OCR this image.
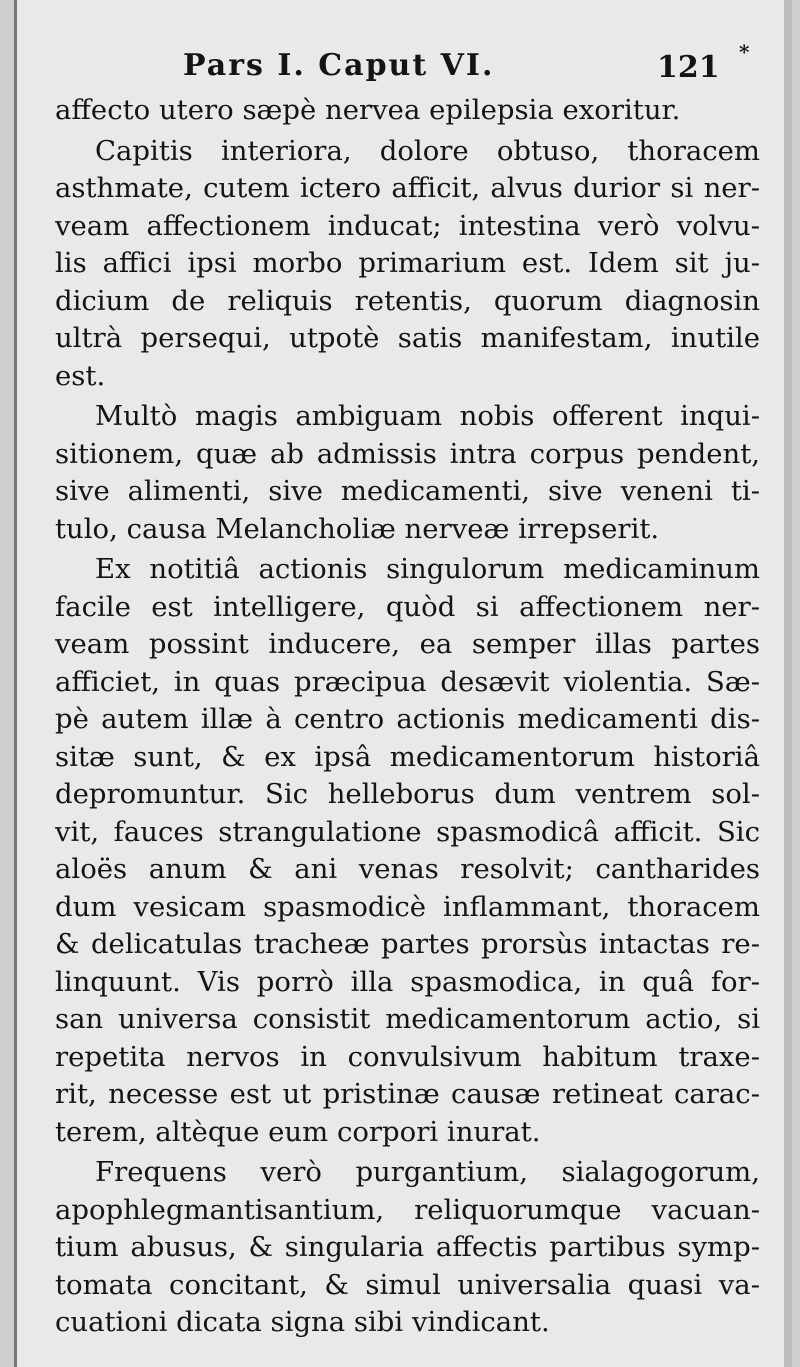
Pars I. Caput VI.	121 *
affecto utero sæpè nervea epilepsia exoritur.
Capitis interiora, dolore obtuso, thoracem
asthmate, cutem ictero afficit, alvus durior si ner-
veam affectionem inducat; intestina verò volvu-
lis affici ipsi morbo primarium est. Idem sit ju-
dicium de reliquis retentis, quorum diagnosin
ultrà persequi, utpotè satis manifestam, inutile
est.
Multò magis ambiguam nobis offerent inqui-
sitionem, quæ ab admissis intra corpus pendent,
sive alimenti, sive medicamenti, sive veneni ti-
tulo, causa Melancholiæ nerveæ irrepserit.
Ex notitiâ actionis singulorum medicaminum
facile est intelligere, quòd si affectionem ner-
veam possint inducere, ea semper illas partes
afficiet, in quas præcipua desævit violentia. Sæ-
pè autem illæ à centro actionis medicamenti dis-
sitæ sunt, & ex ipsâ medicamentorum historiâ
depromuntur. Sic helleborus dum ventrem sol-
vit, fauces strangulatione spasmodicâ afficit. Sic
aloës anum & ani venas resolvit; cantharides
dum vesicam spasmodicè inflammant, thoracem
& delicatulas tracheæ partes prorsùs intactas re-
linquunt. Vis porrò illa spasmodica, in quâ for-
san universa consistit medicamentorum actio, si
repetita nervos in convulsivum habitum traxe-
rit, necesse est ut pristinæ causæ retineat carac-
terem, altèque eum corpori inurat.
Frequens verò purgantium, sialagogorum,
apophlegmantisantium, reliquorumque vacuan-
tium abusus, & singularia affectis partibus symp-
tomata concitant, & simul universalia quasi va-
cuationi dicata signa sibi vindicant.
